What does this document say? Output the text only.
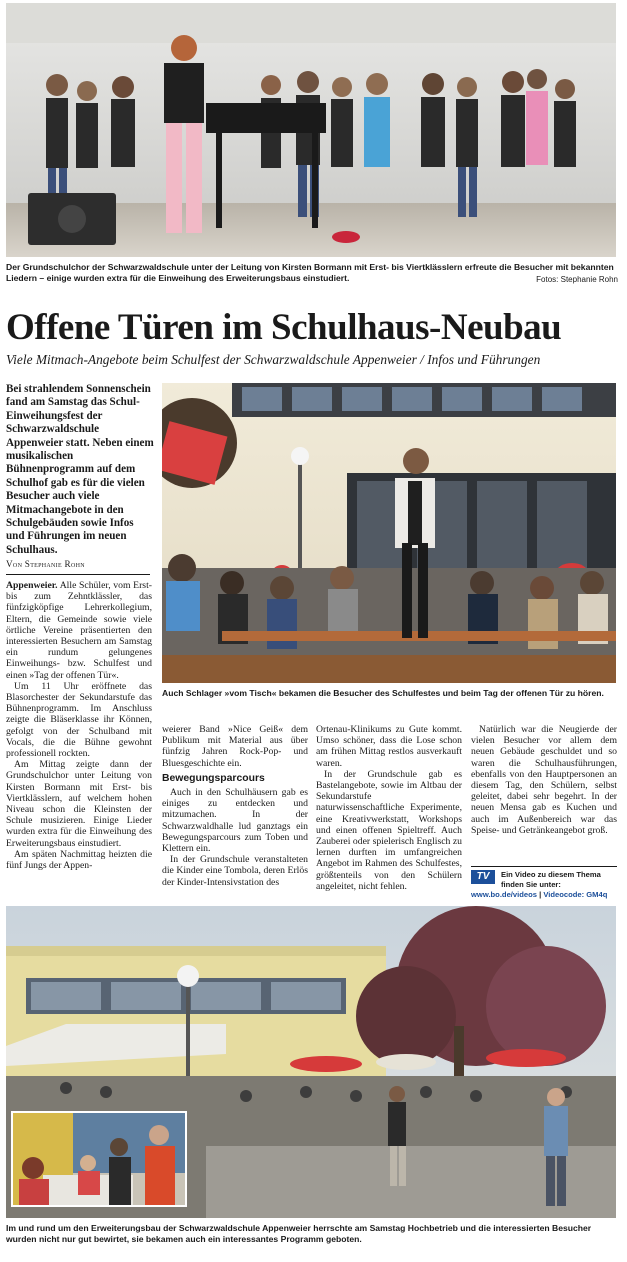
Der Grundschulchor der Schwarzwaldschule unter der Leitung von Kirsten Bormann mit Erst- bis Viertklässlern erfreute die Besucher mit bekannten Liedern – einige wurden extra für die Einweihung des Erweiterungsbaus einstudiert.	Fotos: Stephanie Rohn
Offene Türen im Schulhaus-Neubau
Viele Mitmach-Angebote beim Schulfest der Schwarzwaldschule Appenweier / Infos und Führungen
Bei strahlendem Sonnenschein fand am Samstag das Schul-Einweihungsfest der Schwarzwaldschule Appenweier statt. Neben einem musikalischen Bühnenprogramm auf dem Schulhof gab es für die vielen Besucher auch viele Mitmachangebote in den Schulgebäuden sowie Infos und Führungen im neuen Schulhaus.
Von Stephanie Rohn

Appenweier. Alle Schüler, vom Erst- bis zum Zehntklässler, das fünfzigköpfige Lehrerkollegium, Eltern, die Gemeinde sowie viele örtliche Vereine präsentierten den interessierten Besuchern am Samstag ein rundum gelungenes Einweihungs- bzw. Schulfest und einen »Tag der offenen Tür«.

Um 11 Uhr eröffnete das Blasorchester der Sekundarstufe das Bühnenprogramm. Im Anschluss zeigte die Bläserklasse ihr Können, gefolgt von der Schulband mit Vocals, die die Bühne gewohnt professionell rockten.

Am Mittag zeigte dann der Grundschulchor unter Leitung von Kirsten Bormann mit Erst- bis Viertklässlern, auf welchem hohen Niveau schon die Kleinsten der Schule musizieren. Einige Lieder wurden extra für die Einweihung des Erweiterungsbaus einstudiert.

Am späten Nachmittag heizten die fünf Jungs der Appen-

Auch Schlager »vom Tisch« bekamen die Besucher des Schulfestes und beim Tag der offenen Tür zu hören.

weierer Band »Nice Geiß« dem Publikum mit Material aus über fünfzig Jahren Rock-Pop- und Bluesgeschichte ein.

Bewegungsparcours

Auch in den Schulhäusern gab es einiges zu entdecken und mitzumachen. In der Schwarzwaldhalle lud ganztags ein Bewegungsparcours zum Toben und Klettern ein.

In der Grundschule veranstalteten die Kinder eine Tombola, deren Erlös der Kinder-Intensivstation des

Ortenau-Klinikums zu Gute kommt. Umso schöner, dass die Lose schon am frühen Mittag restlos ausverkauft waren.

In der Grundschule gab es Bastelangebote, sowie im Altbau der Sekundarstufe naturwissenschaftliche Experimente, eine Kreativwerkstatt, Workshops und einen offenen Spieltreff. Auch Zauberei oder spielerisch Englisch zu lernen durften im umfangreichen Angebot im Rahmen des Schulfestes, größtenteils von den Schülern angeleitet, nicht fehlen.

Natürlich war die Neugierde der vielen Besucher vor allem dem neuen Gebäude geschuldet und so waren die Schulhausführungen, ebenfalls von den Hauptpersonen an diesem Tag, den Schülern, selbst geleitet, dabei sehr begehrt. In der neuen Mensa gab es Kuchen und auch im Außenbereich war das Speise- und Getränkeangebot groß.

TV	Ein Video zu diesem Thema finden Sie unter:
www.bo.de/videos | Videocode: GM4q
Im und rund um den Erweiterungsbau der Schwarzwaldschule Appenweier herrschte am Samstag Hochbetrieb und die interessierten Besucher wurden nicht nur gut bewirtet, sie bekamen auch ein interessantes Programm geboten.
